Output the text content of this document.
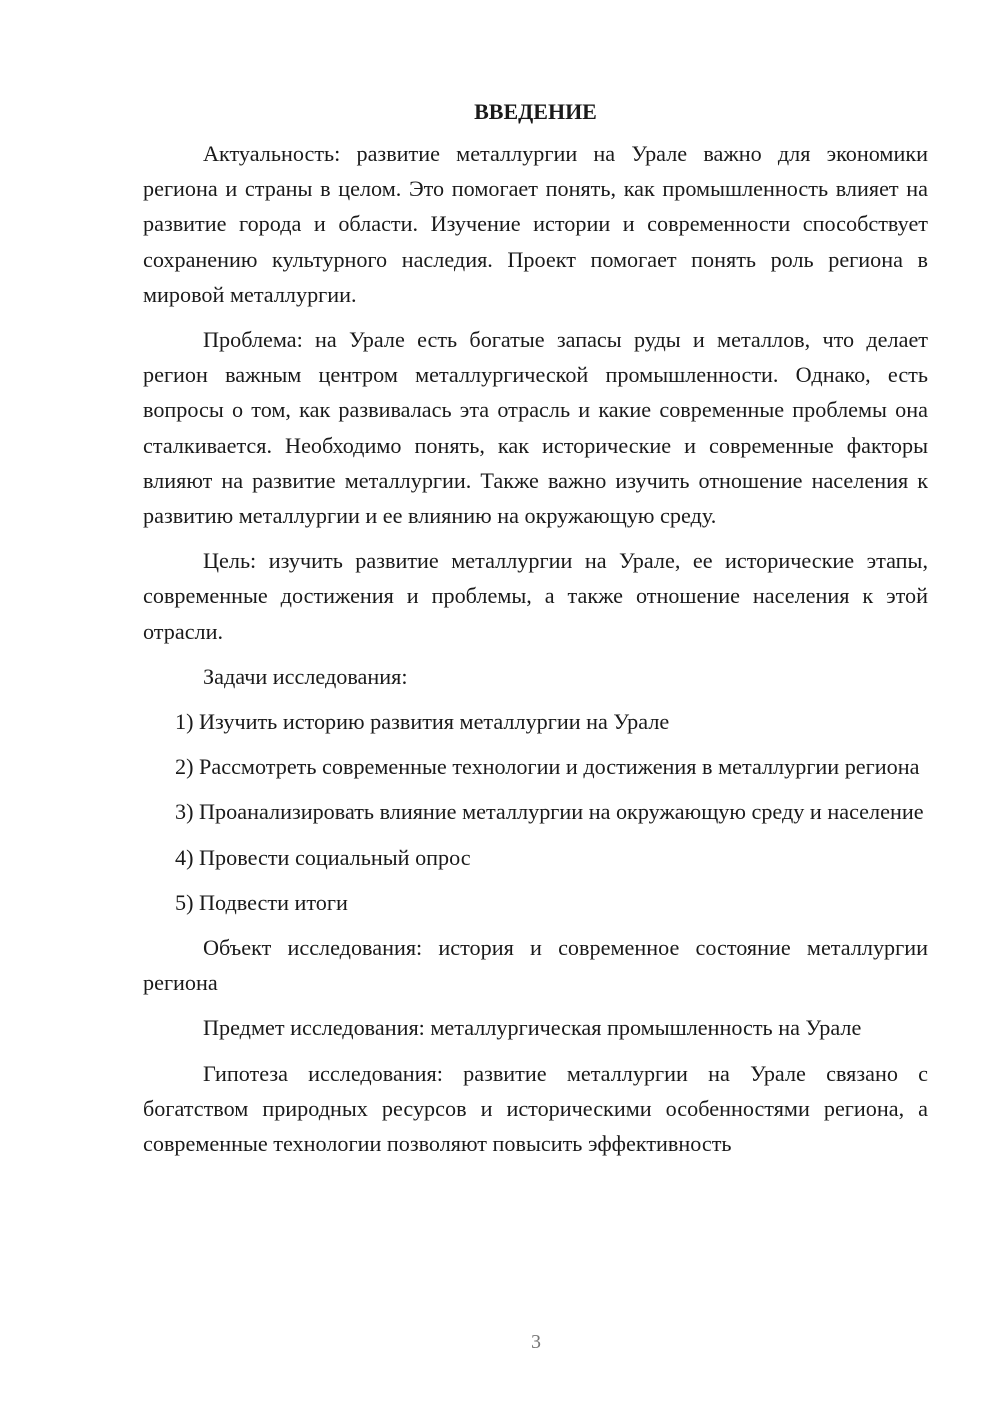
ВВЕДЕНИЕ

Актуальность: развитие металлургии на Урале важно для экономики региона и страны в целом. Это помогает понять, как промышленность влияет на развитие города и области. Изучение истории и современности способствует сохранению культурного наследия. Проект помогает понять роль региона в мировой металлургии.

Проблема: на Урале есть богатые запасы руды и металлов, что делает регион важным центром металлургической промышленности. Однако, есть вопросы о том, как развивалась эта отрасль и какие современные проблемы она сталкивается. Необходимо понять, как исторические и современные факторы влияют на развитие металлургии. Также важно изучить отношение населения к развитию металлургии и ее влиянию на окружающую среду.

Цель: изучить развитие металлургии на Урале, ее исторические этапы, современные достижения и проблемы, а также отношение населения к этой отрасли.

Задачи исследования:

1) Изучить историю развития металлургии на Урале

2) Рассмотреть современные технологии и достижения в металлургии региона

3) Проанализировать влияние металлургии на окружающую среду и население

4) Провести социальный опрос

5) Подвести итоги

Объект исследования: история и современное состояние металлургии региона

Предмет исследования: металлургическая промышленность на Урале

Гипотеза исследования: развитие металлургии на Урале связано с богатством природных ресурсов и историческими особенностями региона, а современные технологии позволяют повысить эффективность

3
